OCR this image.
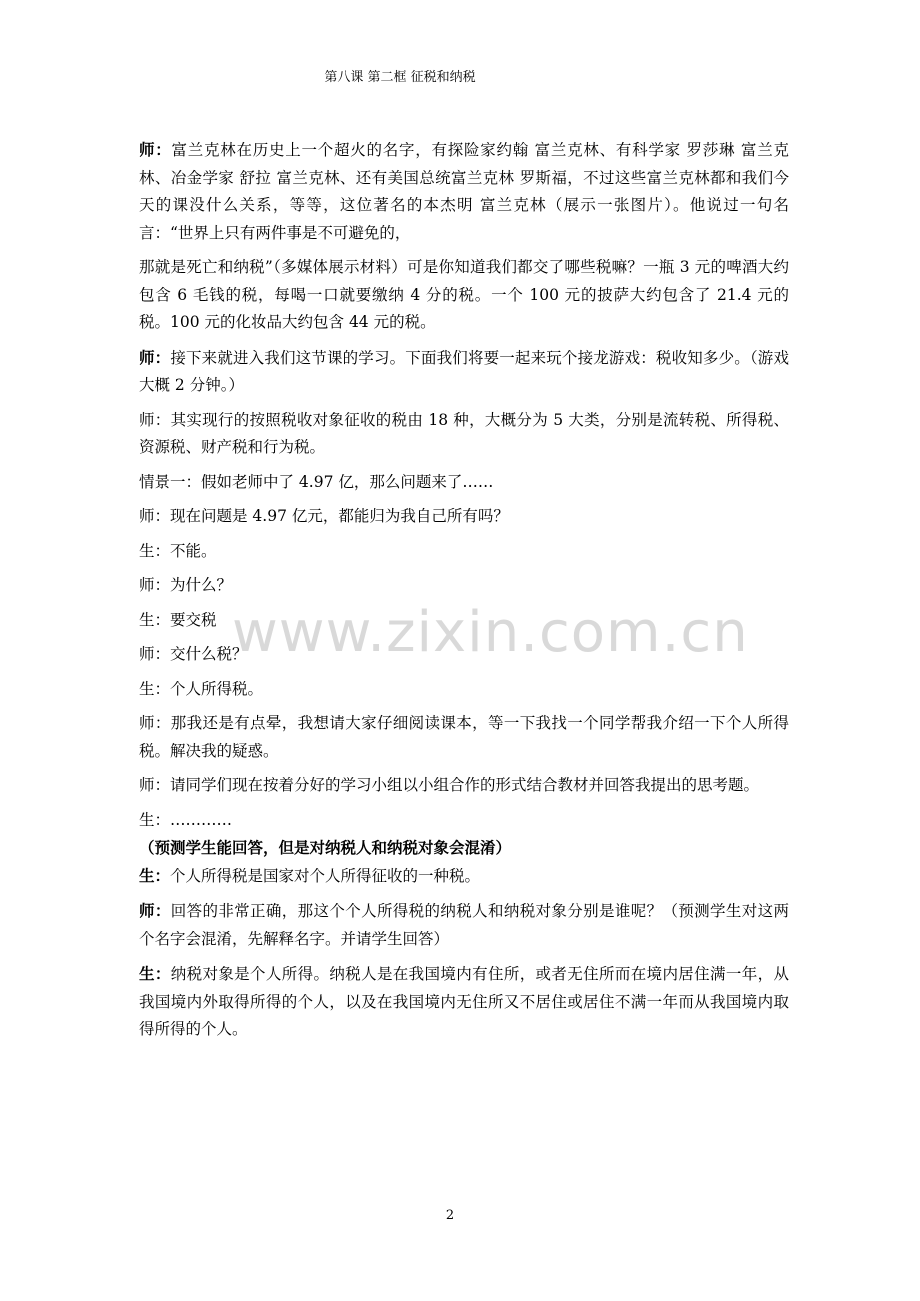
第八课 第二框 征税和纳税
师：富兰克林在历史上一个超火的名字，有探险家约翰 富兰克林、有科学家 罗莎琳 富兰克林、冶金学家 舒拉 富兰克林、还有美国总统富兰克林 罗斯福，不过这些富兰克林都和我们今天的课没什么关系，等等，这位著名的本杰明 富兰克林（展示一张图片）。他说过一句名言：“世界上只有两件事是不可避免的，
那就是死亡和纳税”（多媒体展示材料）可是你知道我们都交了哪些税嘛？一瓶 3 元的啤酒大约包含 6 毛钱的税，每喝一口就要缴纳 4 分的税。一个 100 元的披萨大约包含了 21.4 元的税。100 元的化妆品大约包含 44 元的税。
师：接下来就进入我们这节课的学习。下面我们将要一起来玩个接龙游戏：税收知多少。（游戏大概 2 分钟。）
师：其实现行的按照税收对象征收的税由 18 种，大概分为 5 大类，分别是流转税、所得税、资源税、财产税和行为税。
情景一：假如老师中了 4.97 亿，那么问题来了……
师：现在问题是 4.97 亿元，都能归为我自己所有吗？
生：不能。
师：为什么？
生：要交税
师：交什么税？
生：个人所得税。
师：那我还是有点晕，我想请大家仔细阅读课本，等一下我找一个同学帮我介绍一下个人所得税。解决我的疑惑。
师：请同学们现在按着分好的学习小组以小组合作的形式结合教材并回答我提出的思考题。
生：…………
（预测学生能回答，但是对纳税人和纳税对象会混淆）
生：个人所得税是国家对个人所得征收的一种税。
师：回答的非常正确，那这个个人所得税的纳税人和纳税对象分别是谁呢？（预测学生对这两个名字会混淆，先解释名字。并请学生回答）
生：纳税对象是个人所得。纳税人是在我国境内有住所，或者无住所而在境内居住满一年，从我国境内外取得所得的个人，以及在我国境内无住所又不居住或居住不满一年而从我国境内取得所得的个人。
www.zixin.com.cn
2
